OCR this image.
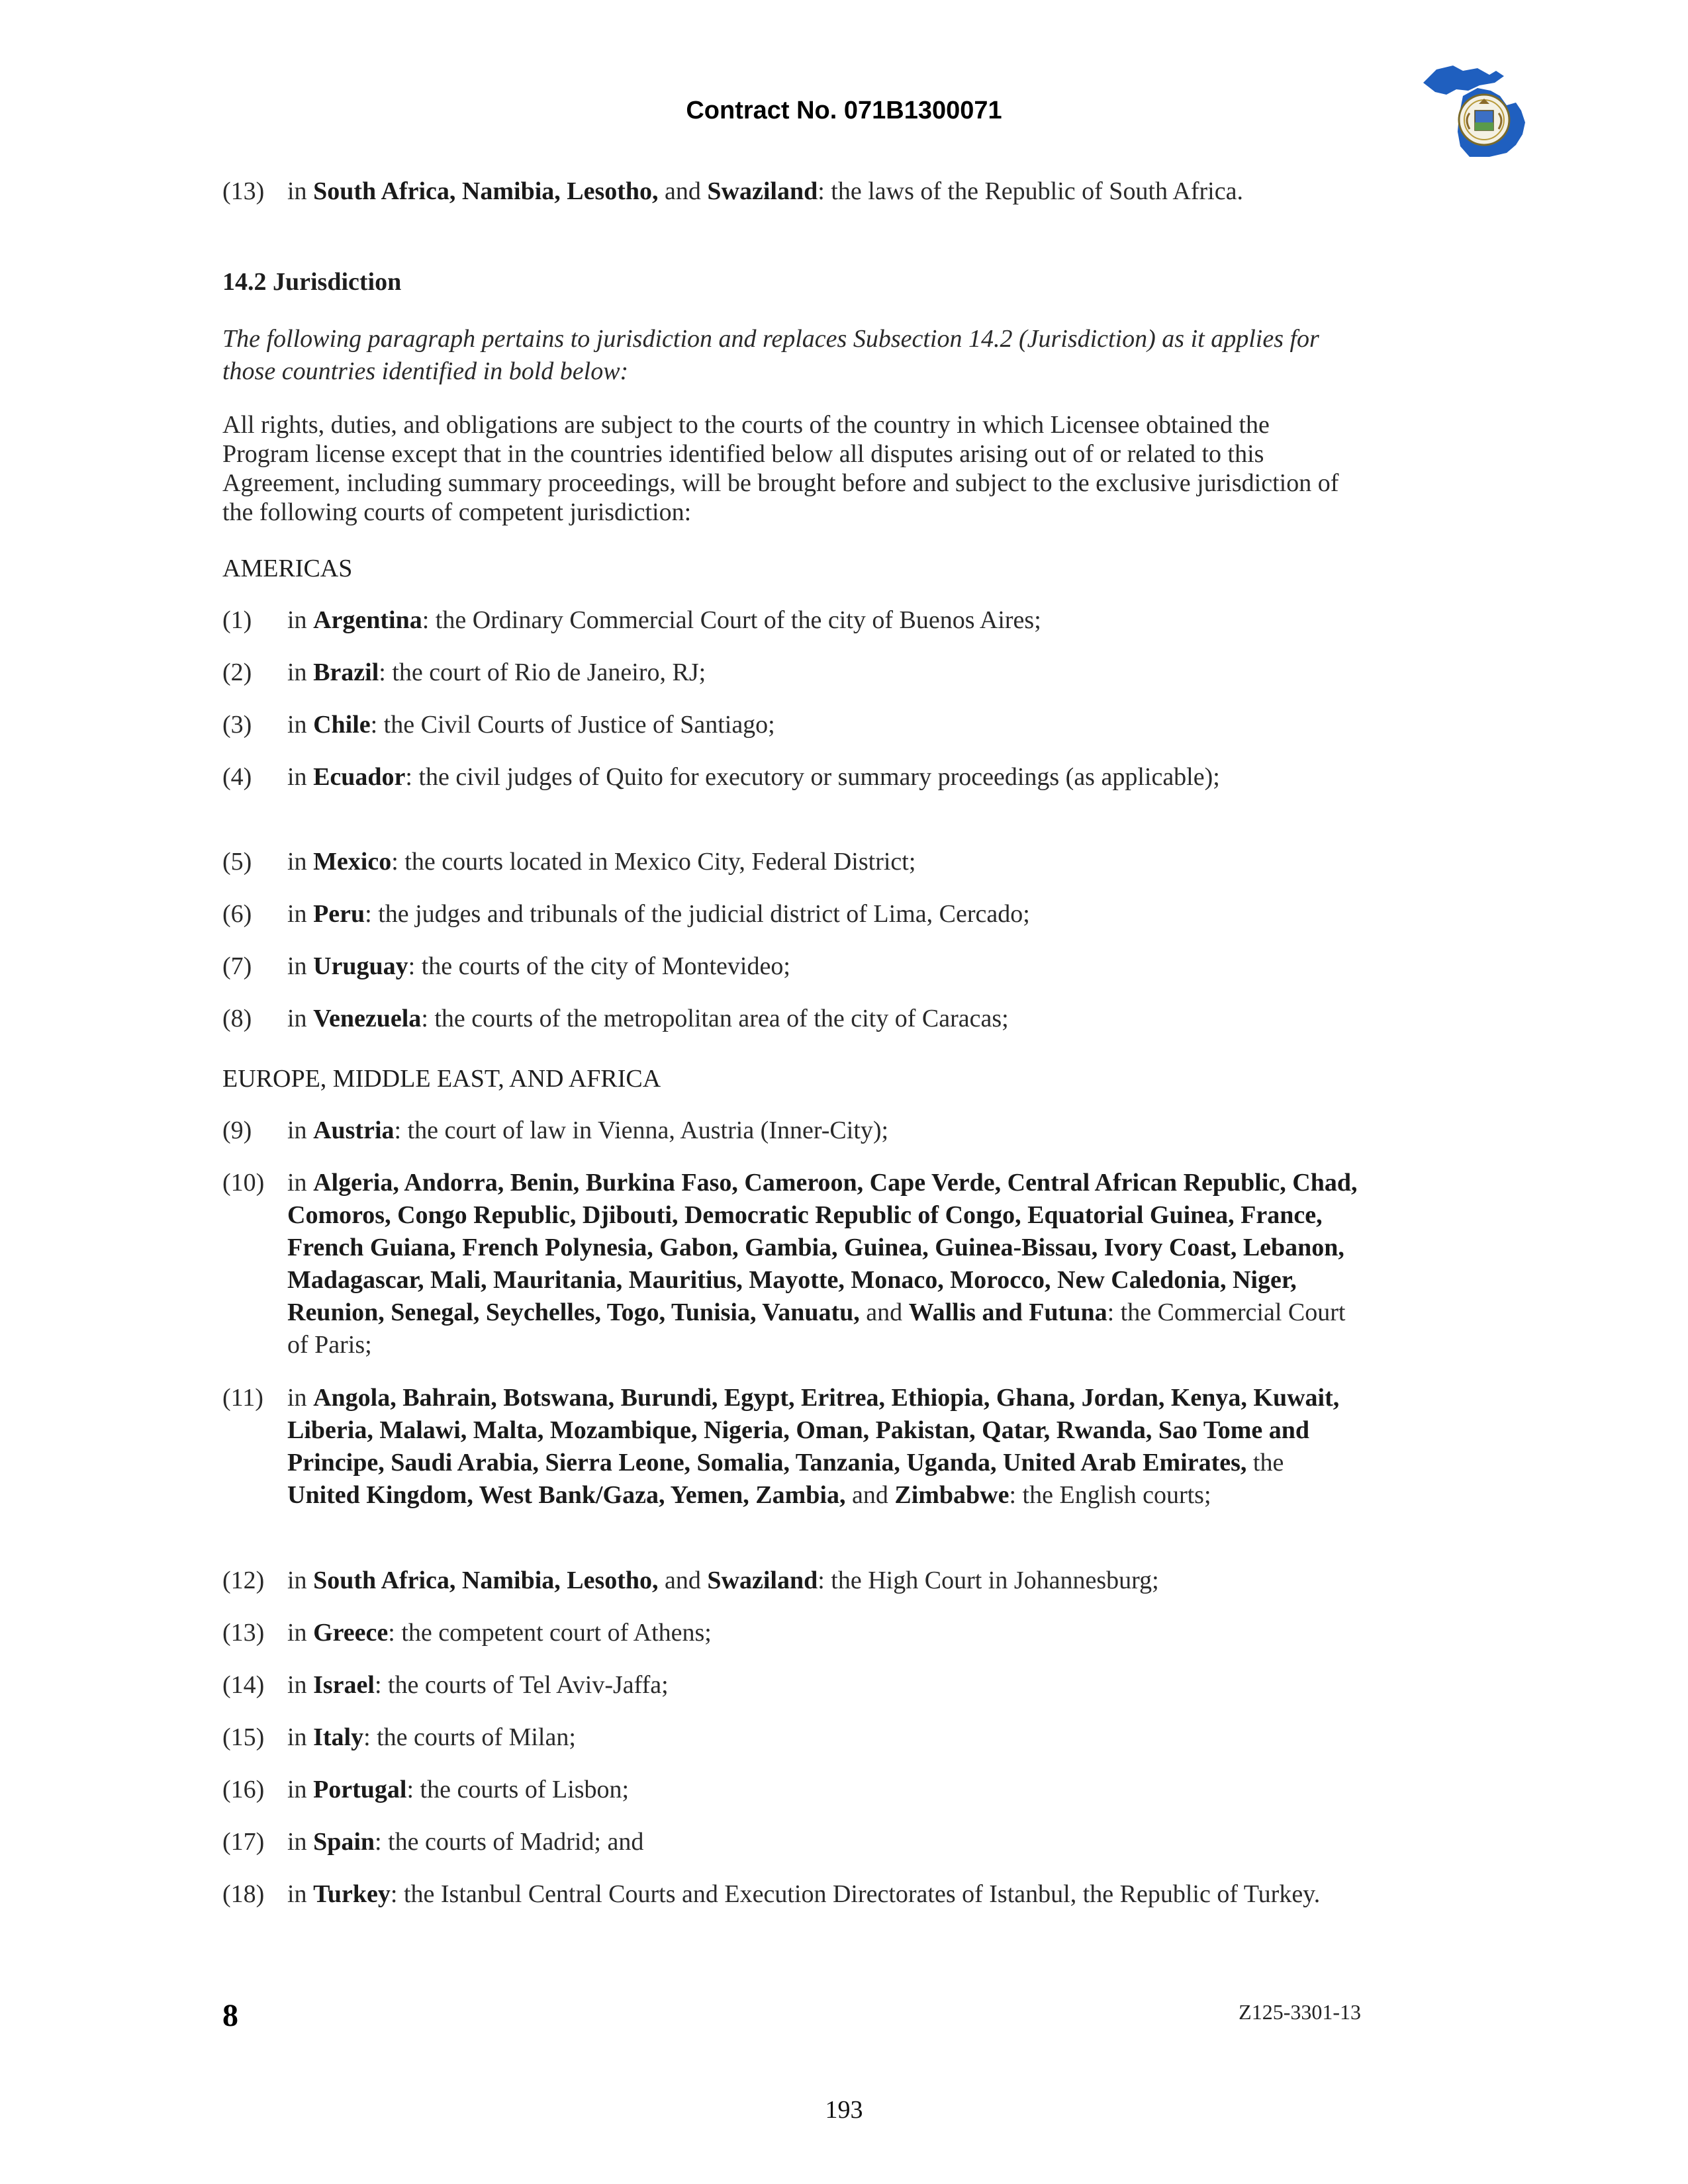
Contract No. 071B1300071
(13) in South Africa, Namibia, Lesotho, and Swaziland: the laws of the Republic of South Africa.
14.2 Jurisdiction
The following paragraph pertains to jurisdiction and replaces Subsection 14.2 (Jurisdiction) as it applies for those countries identified in bold below:
All rights, duties, and obligations are subject to the courts of the country in which Licensee obtained the Program license except that in the countries identified below all disputes arising out of or related to this Agreement, including summary proceedings, will be brought before and subject to the exclusive jurisdiction of the following courts of competent jurisdiction:
AMERICAS
(1)	in Argentina: the Ordinary Commercial Court of the city of Buenos Aires;
(2)	in Brazil: the court of Rio de Janeiro, RJ;
(3)	in Chile: the Civil Courts of Justice of Santiago;
(4)	in Ecuador: the civil judges of Quito for executory or summary proceedings (as applicable);
(5)	in Mexico: the courts located in Mexico City, Federal District;
(6)	in Peru: the judges and tribunals of the judicial district of Lima, Cercado;
(7)	in Uruguay: the courts of the city of Montevideo;
(8)	in Venezuela: the courts of the metropolitan area of the city of Caracas;
EUROPE, MIDDLE EAST, AND AFRICA
(9)	in Austria: the court of law in Vienna, Austria (Inner-City);
(10) in Algeria, Andorra, Benin, Burkina Faso, Cameroon, Cape Verde, Central African Republic, Chad, Comoros, Congo Republic, Djibouti, Democratic Republic of Congo, Equatorial Guinea, France, French Guiana, French Polynesia, Gabon, Gambia, Guinea, Guinea-Bissau, Ivory Coast, Lebanon, Madagascar, Mali, Mauritania, Mauritius, Mayotte, Monaco, Morocco, New Caledonia, Niger, Reunion, Senegal, Seychelles, Togo, Tunisia, Vanuatu, and Wallis and Futuna: the Commercial Court of Paris;
(11) in Angola, Bahrain, Botswana, Burundi, Egypt, Eritrea, Ethiopia, Ghana, Jordan, Kenya, Kuwait, Liberia, Malawi, Malta, Mozambique, Nigeria, Oman, Pakistan, Qatar, Rwanda, Sao Tome and Principe, Saudi Arabia, Sierra Leone, Somalia, Tanzania, Uganda, United Arab Emirates, the United Kingdom, West Bank/Gaza, Yemen, Zambia, and Zimbabwe: the English courts;
(12) in South Africa, Namibia, Lesotho, and Swaziland: the High Court in Johannesburg;
(13) in Greece: the competent court of Athens;
(14) in Israel: the courts of Tel Aviv-Jaffa;
(15) in Italy: the courts of Milan;
(16) in Portugal: the courts of Lisbon;
(17) in Spain: the courts of Madrid; and
(18) in Turkey: the Istanbul Central Courts and Execution Directorates of Istanbul, the Republic of Turkey.
8	Z125-3301-13
193
